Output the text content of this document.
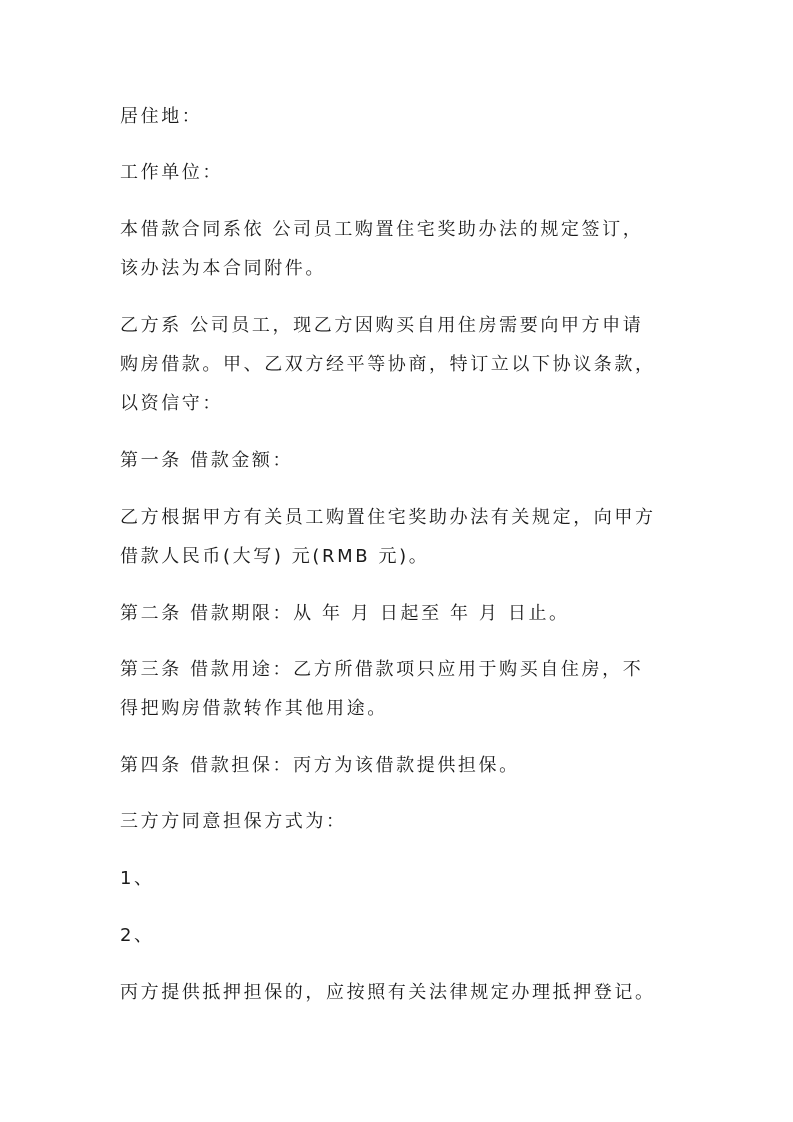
居住地：

工作单位：

本借款合同系依 公司员工购置住宅奖助办法的规定签订，

该办法为本合同附件。

乙方系 公司员工，现乙方因购买自用住房需要向甲方申请

购房借款。甲、乙双方经平等协商，特订立以下协议条款，

以资信守：

第一条 借款金额：

乙方根据甲方有关员工购置住宅奖助办法有关规定，向甲方

借款人民币(大写) 元(RMB 元)。

第二条 借款期限：从 年 月 日起至 年 月 日止。

第三条 借款用途：乙方所借款项只应用于购买自住房，不

得把购房借款转作其他用途。

第四条 借款担保：丙方为该借款提供担保。

三方方同意担保方式为：

1、

2、

丙方提供抵押担保的，应按照有关法律规定办理抵押登记。
